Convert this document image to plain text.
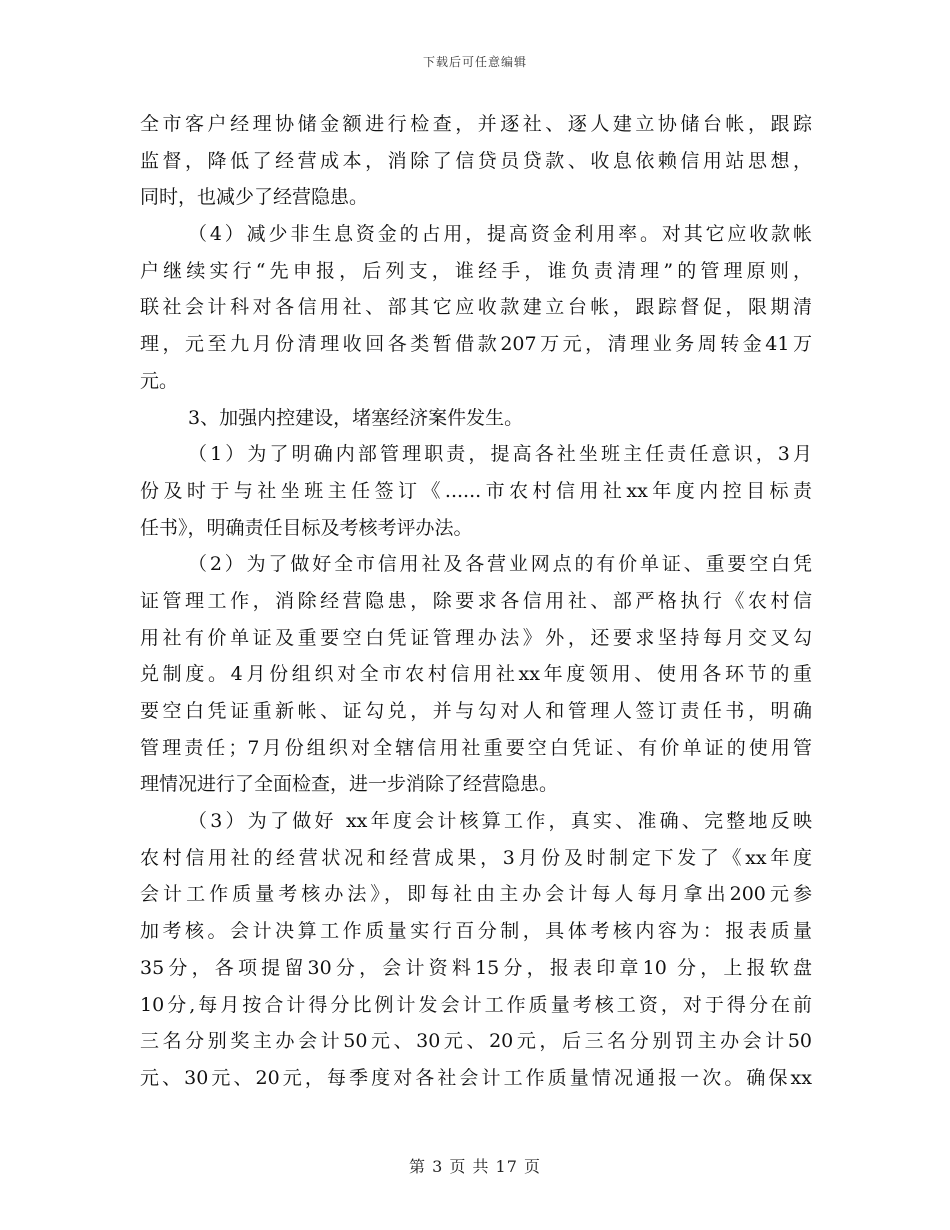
下载后可任意编辑
全市客户经理协储金额进行检查，并逐社、逐人建立协储台帐，跟踪
监督，降低了经营成本，消除了信贷员贷款、收息依赖信用站思想，
同时，也减少了经营隐患。
（4）减少非生息资金的占用，提高资金利用率。对其它应收款帐
户继续实行“先申报，后列支，谁经手，谁负责清理”的管理原则，
联社会计科对各信用社、部其它应收款建立台帐，跟踪督促，限期清
理，元至九月份清理收回各类暂借款207万元，清理业务周转金41万
元。
3、加强内控建设，堵塞经济案件发生。
（1）为了明确内部管理职责，提高各社坐班主任责任意识，3月
份及时于与社坐班主任签订《......市农村信用社xx年度内控目标责
任书》，明确责任目标及考核考评办法。
（2）为了做好全市信用社及各营业网点的有价单证、重要空白凭
证管理工作，消除经营隐患，除要求各信用社、部严格执行《农村信
用社有价单证及重要空白凭证管理办法》外，还要求坚持每月交叉勾
兑制度。4月份组织对全市农村信用社xx年度领用、使用各环节的重
要空白凭证重新帐、证勾兑，并与勾对人和管理人签订责任书，明确
管理责任；7月份组织对全辖信用社重要空白凭证、有价单证的使用管
理情况进行了全面检查，进一步消除了经营隐患。
（3）为了做好 xx年度会计核算工作，真实、准确、完整地反映
农村信用社的经营状况和经营成果，3月份及时制定下发了《xx年度
会计工作质量考核办法》，即每社由主办会计每人每月拿出200元参
加考核。会计决算工作质量实行百分制，具体考核内容为：报表质量
35分，各项提留30分，会计资料15分，报表印章10 分，上报软盘
10分,每月按合计得分比例计发会计工作质量考核工资，对于得分在前
三名分别奖主办会计50元、30元、20元，后三名分别罚主办会计50
元、30元、20元，每季度对各社会计工作质量情况通报一次。确保xx
第 3 页 共 17 页
